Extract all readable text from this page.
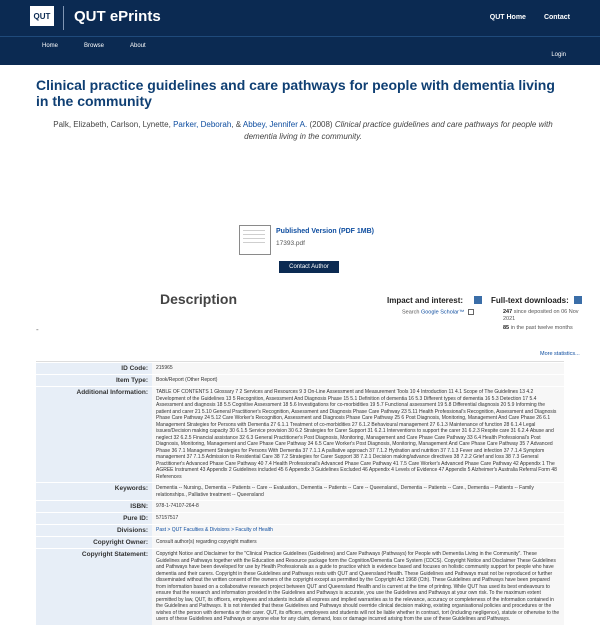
QUT QUT ePrints	QUT Home	Contact
Home	Browse	About
Login
Clinical practice guidelines and care pathways for people with dementia living in the community
Palk, Elizabeth, Carlson, Lynette, Parker, Deborah, & Abbey, Jennifer A. (2008) Clinical practice guidelines and care pathways for people with dementia living in the community.
Published Version (PDF 1MB)
17393.pdf
Contact Author
Description
-
Impact and interest:
Search Google Scholar™
Full-text downloads:
247 since deposited on 06 Nov 2021
85 in the past twelve months
More statistics...
ID Code:	215965
Item Type:	Book/Report (Other Report)
Additional Information:	TABLE OF CONTENTS 1 Glossary 7 2 Services and Resources 9 3 On-Line Assessment and Measurement Tools 10 4 Introduction 11 4.1 Scope of The Guidelines 13 4.2 Development of the Guidelines 13 5 Recognition, Assessment And Diagnosis Phase 15 5.1 Definition of dementia 16 5.3 Different types of dementia 16 5.3 Detection 17 5.4 Assessment and diagnosis 18 5.5 Cognitive Assessment 18 5.6 Investigations for co-morbidities 19 5.7 Functional assessment 19 5.8 Differential diagnosis 20 5.9 Informing the patient and carer 21 5.10 General Practitioner's Recognition, Assessment and Diagnosis Phase Care Pathway 23 5.11 Health Professional's Recognition, Assessment and Diagnosis Phase Care Pathway 24 5.12 Care Worker's Recognition, Assessment and Diagnosis Phase Care Pathway 25 6 Post Diagnosis, Monitoring, Management And Care Phase 26 6.1 Management Strategies for Persons with Dementia 27 6.1.1 Treatment of co-morbidities 27 6.1.2 Behavioural management 27 6.1.3 Maintenance of function 28 6.1.4 Legal issues/Decision making capacity 30 6.1.5 Service provision 30 6.2 Strategies for Carer Support 31 6.2.1 Interventions to support the carer 31 6.2.3 Respite care 31 6.2.4 Abuse and neglect 32 6.2.5 Financial assistance 32 6.3 General Practitioner's Post Diagnosis, Monitoring, Management and Care Phase Care Pathway 33 6.4 Health Professional's Post Diagnosis, Monitoring, Management and Care Phase Care Pathway 34 6.5 Care Worker's Post Diagnosis, Monitoring, Management And Care Phase Care Pathway 35 7 Advanced Phase 36 7.1 Management Strategies for Persons With Dementia 37 7.1.1 A palliative approach 37 7.1.2 Hydration and nutrition 37 7.1.3 Fever and infection 37 7.1.4 Symptom management 37 7.1.5 Admission to Residential Care 38 7.2 Strategies for Carer Support 38 7.2.1 Decision making/advance directives 38 7.2.2 Grief and loss 38 7.3 General Practitioner's Advanced Phase Care Pathway 40 7.4 Health Professional's Advanced Phase Care Pathway 41 7.5 Care Worker's Advanced Phase Care Pathway 42 Appendix 1 The AGREE Instrument 43 Appendix 2 Guidelines included 45 6 Appendix 3 Guidelines Excluded 46 Appendix 4 Levels of Evidence 47 Appendix 5 Alzheimer's Australia Referral Form 48 References
Keywords:	Dementia -- Nursing., Dementia -- Patients -- Care -- Evaluation., Dementia -- Patients -- Care -- Queensland., Dementia -- Patients -- Care., Dementia -- Patients -- Family relationships., Palliative treatment -- Queensland
ISBN:	978-1-74107-264-8
Pure ID:	57157517
Divisions:	Past > QUT Faculties & Divisions > Faculty of Health
Copyright Owner:	Consult author(s) regarding copyright matters
Copyright Statement:	Copyright Notice and Disclaimer for the "Clinical Practice Guidelines (Guidelines) and Care Pathways (Pathways) for People with Dementia Living in the Community". These Guidelines and Pathways together with the Education and Resource package form the Cognition/Dementia Care System (CDCS). Copyright Notice and Disclaimer These Guidelines and Pathways have been developed for use by Health Professionals as a guide to practice which is evidence based and focuses on holistic community support for people who have dementia and their carers. Copyright in these Guidelines and Pathways rests with QUT and Queensland Health. These Guidelines and Pathways must not be reproduced or further disseminated without the written consent of the owners of the copyright except as permitted by the Copyright Act 1968 (Cth). These Guidelines and Pathways have been prepared from information based on a collaborative research project between QUT and Queensland Health and is current at the time of printing. While QUT has used its best endeavours to ensure that the research and information provided in the Guidelines and Pathways is accurate, you use the Guidelines and Pathways at your own risk. To the maximum extent permitted by law, QUT, its officers, employees and students include all express and implied warranties as to the relevance, accuracy or completeness of the information contained in the Guidelines and Pathways. It is not intended that these Guidelines and Pathways should override clinical decision making, existing organisational policies and procedures or the wishes of the person with dementia or their carer. QUT, its officers, employees and students will not be liable whether in contract, tort (including negligence), statute or otherwise to the users of these Guidelines and Pathways or anyone else for any claim, demand, loss or damage incurred arising from the use of these Guidelines and Pathways.
